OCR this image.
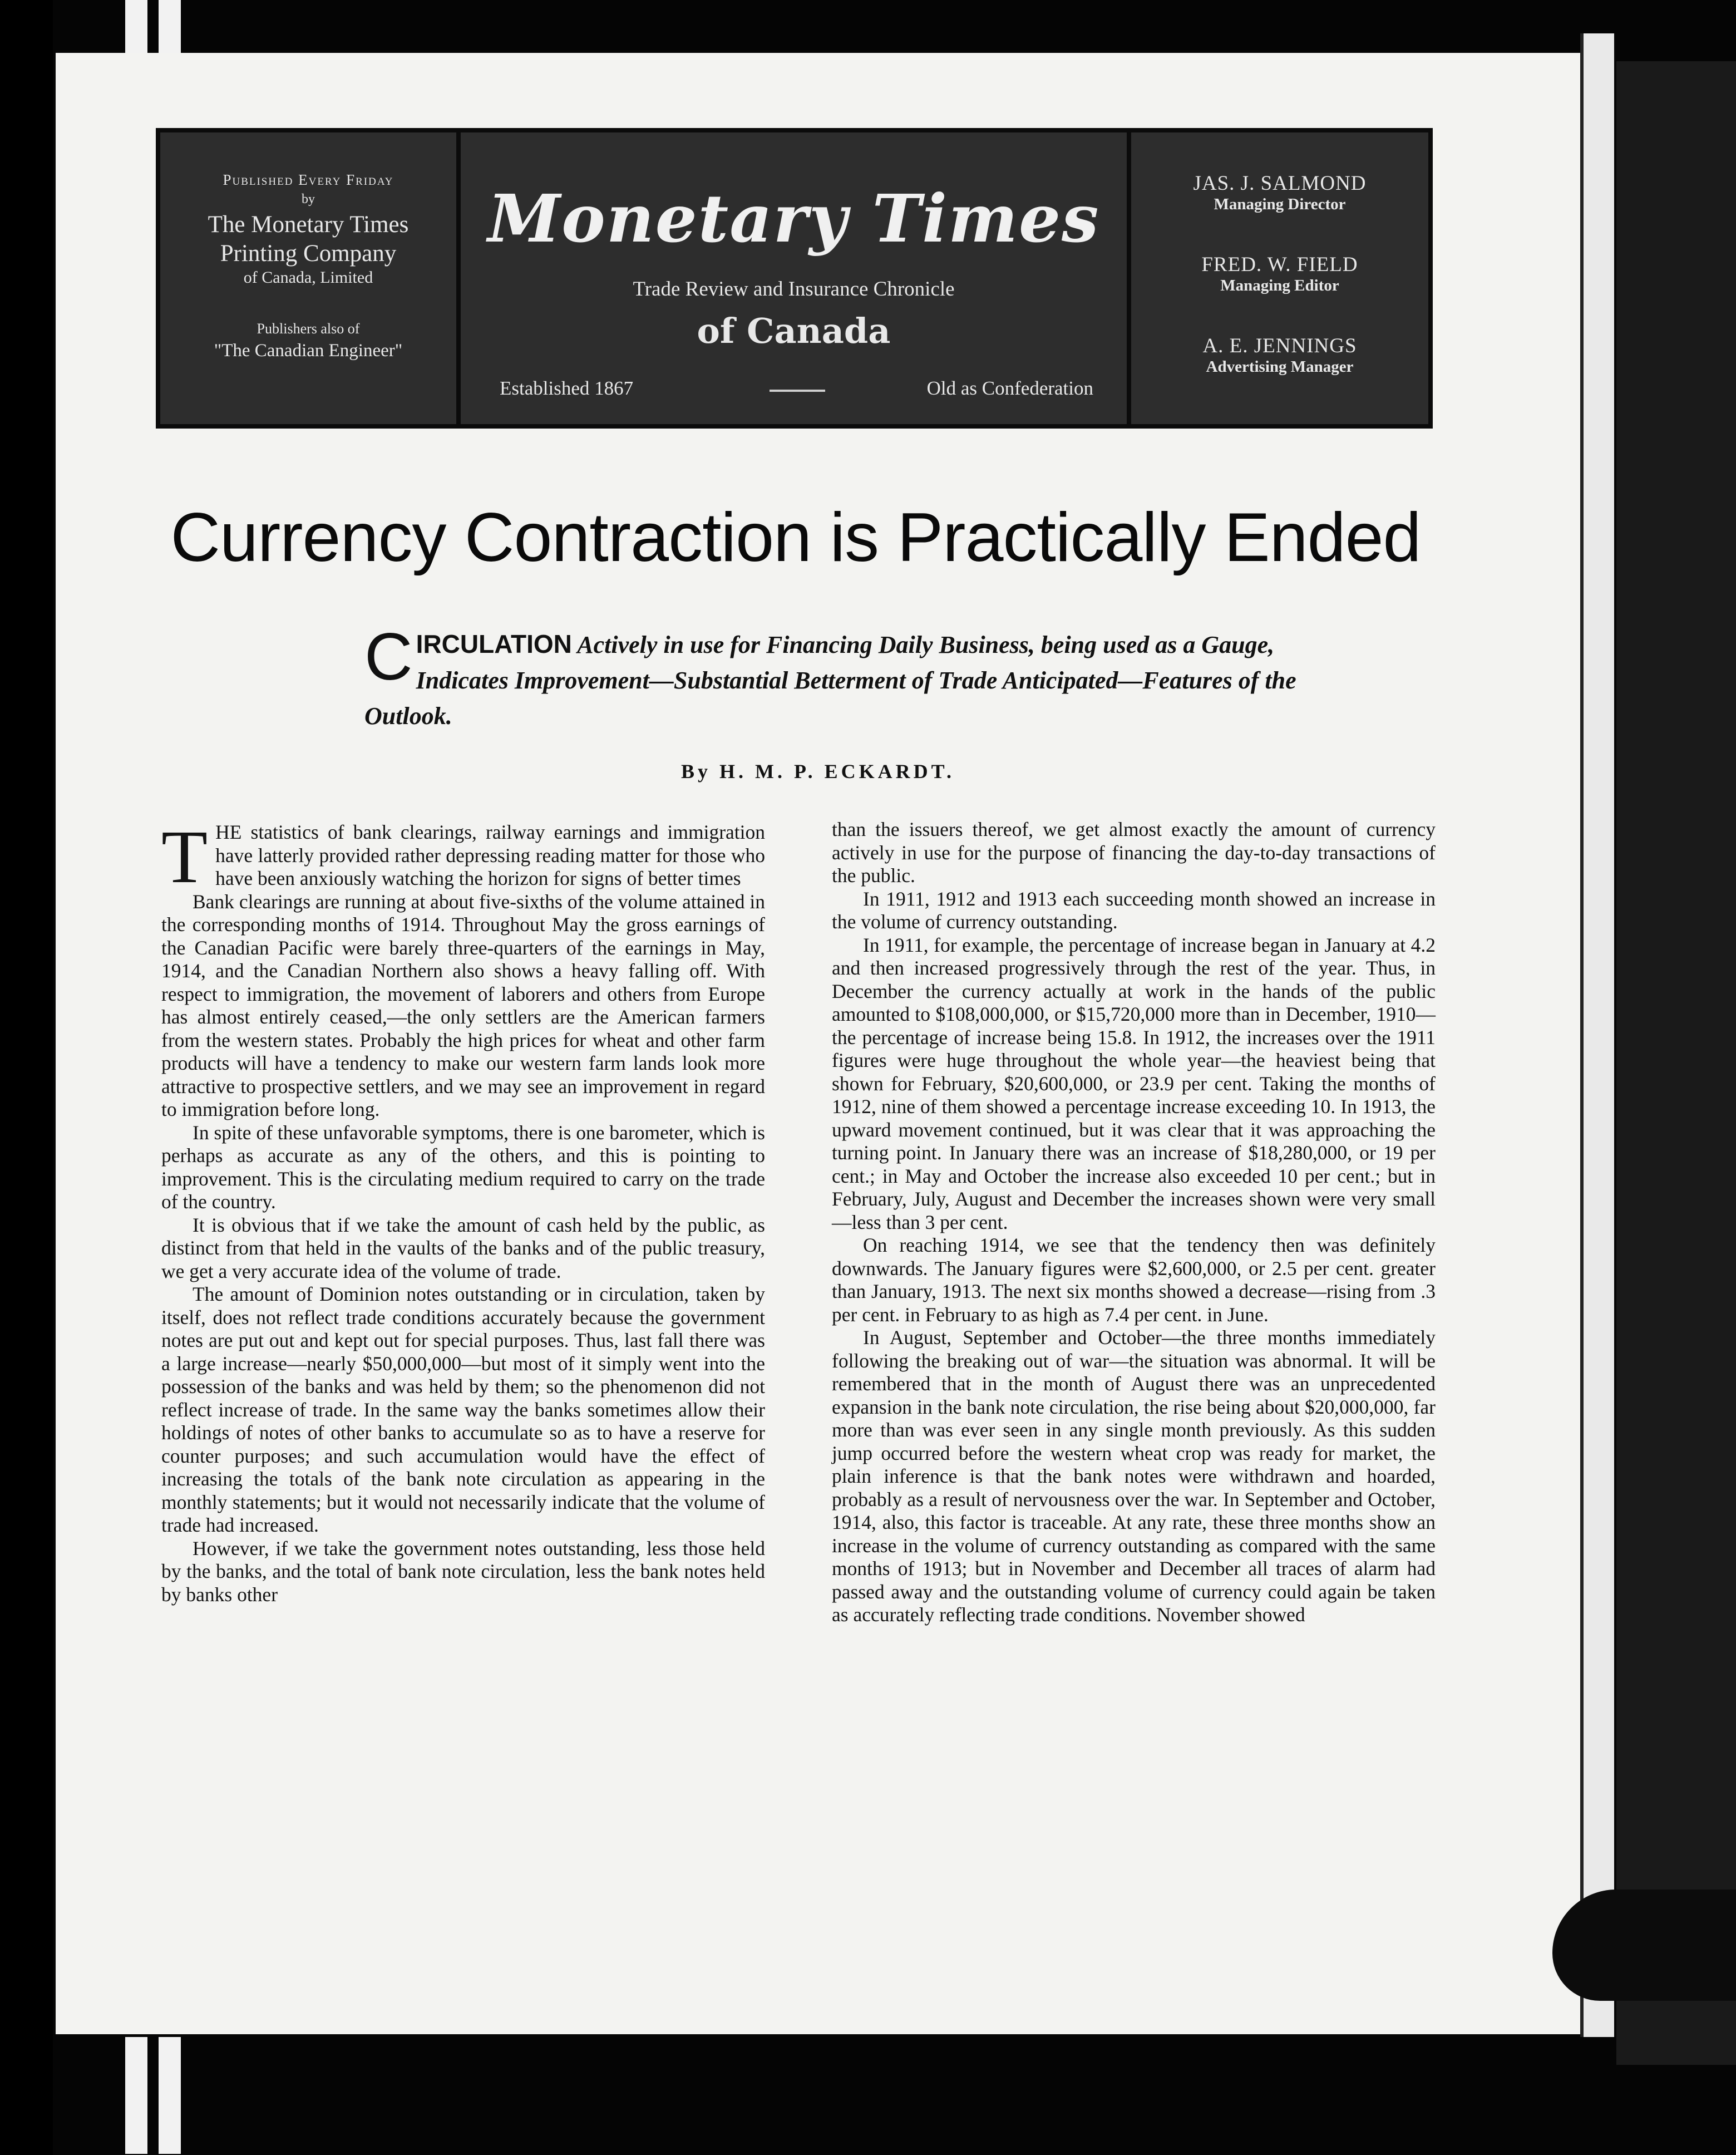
Published Every Friday
by
The Monetary Times
Printing Company
of Canada, Limited
Publishers also of
"The Canadian Engineer"
Monetary Times
Trade Review and Insurance Chronicle
of Canada
Established 1867	Old as Confederation
JAS. J. SALMOND
Managing Director
FRED. W. FIELD
Managing Editor
A. E. JENNINGS
Advertising Manager
Currency Contraction is Practically Ended
C IRCULATION Actively in use for Financing Daily Business, being used as a Gauge, Indicates Improvement—Substantial Betterment of Trade Anticipated—Features of the Outlook.
By H. M. P. ECKARDT.

THE statistics of bank clearings, railway earnings and immigration have latterly provided rather depressing reading matter for those who have been anxiously watching the horizon for signs of better times

Bank clearings are running at about five-sixths of the volume attained in the corresponding months of 1914. Throughout May the gross earnings of the Canadian Pacific were barely three-quarters of the earnings in May, 1914, and the Canadian Northern also shows a heavy falling off. With respect to immigration, the movement of laborers and others from Europe has almost entirely ceased,—the only settlers are the American farmers from the western states. Probably the high prices for wheat and other farm products will have a tendency to make our western farm lands look more attractive to prospective settlers, and we may see an improvement in regard to immigration before long.

In spite of these unfavorable symptoms, there is one barometer, which is perhaps as accurate as any of the others, and this is pointing to improvement. This is the circulating medium required to carry on the trade of the country.

It is obvious that if we take the amount of cash held by the public, as distinct from that held in the vaults of the banks and of the public treasury, we get a very accurate idea of the volume of trade.

The amount of Dominion notes outstanding or in circulation, taken by itself, does not reflect trade conditions accurately because the government notes are put out and kept out for special purposes. Thus, last fall there was a large increase—nearly $50,000,000—but most of it simply went into the possession of the banks and was held by them; so the phenomenon did not reflect increase of trade. In the same way the banks sometimes allow their holdings of notes of other banks to accumulate so as to have a reserve for counter purposes; and such accumulation would have the effect of increasing the totals of the bank note circulation as appearing in the monthly statements; but it would not necessarily indicate that the volume of trade had increased.

However, if we take the government notes outstanding, less those held by the banks, and the total of bank note circulation, less the bank notes held by banks other

than the issuers thereof, we get almost exactly the amount of currency actively in use for the purpose of financing the day-to-day transactions of the public.

In 1911, 1912 and 1913 each succeeding month showed an increase in the volume of currency outstanding.

In 1911, for example, the percentage of increase began in January at 4.2 and then increased progressively through the rest of the year. Thus, in December the currency actually at work in the hands of the public amounted to $108,000,000, or $15,720,000 more than in December, 1910—the percentage of increase being 15.8. In 1912, the increases over the 1911 figures were huge throughout the whole year—the heaviest being that shown for February, $20,600,000, or 23.9 per cent. Taking the months of 1912, nine of them showed a percentage increase exceeding 10. In 1913, the upward movement continued, but it was clear that it was approaching the turning point. In January there was an increase of $18,280,000, or 19 per cent.; in May and October the increase also exceeded 10 per cent.; but in February, July, August and December the increases shown were very small—less than 3 per cent.

On reaching 1914, we see that the tendency then was definitely downwards. The January figures were $2,600,000, or 2.5 per cent. greater than January, 1913. The next six months showed a decrease—rising from .3 per cent. in February to as high as 7.4 per cent. in June.

In August, September and October—the three months immediately following the breaking out of war—the situation was abnormal. It will be remembered that in the month of August there was an unprecedented expansion in the bank note circulation, the rise being about $20,000,000, far more than was ever seen in any single month previously. As this sudden jump occurred before the western wheat crop was ready for market, the plain inference is that the bank notes were withdrawn and hoarded, probably as a result of nervousness over the war. In September and October, 1914, also, this factor is traceable. At any rate, these three months show an increase in the volume of currency outstanding as compared with the same months of 1913; but in November and December all traces of alarm had passed away and the outstanding volume of currency could again be taken as accurately reflecting trade conditions. November showed
